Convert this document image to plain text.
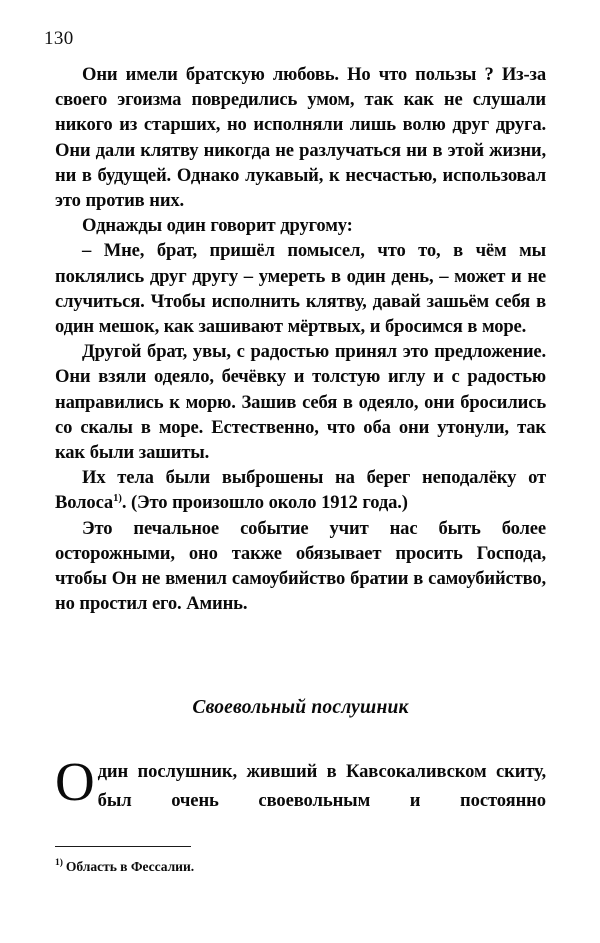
130

Они имели братскую любовь. Но что пользы ? Из-за своего эгоизма повредились умом, так как не слушали никого из старших, но исполняли лишь волю друг друга. Они дали клятву никогда не разлучаться ни в этой жизни, ни в будущей. Однако лукавый, к несчастью, использовал это против них.

Однажды один говорит другому:

– Мне, брат, пришёл помысел, что то, в чём мы поклялись друг другу – умереть в один день, – может и не случиться. Чтобы исполнить клятву, давай зашьём себя в один мешок, как зашивают мёртвых, и бросимся в море.

Другой брат, увы, с радостью принял это предложение. Они взяли одеяло, бечёвку и толстую иглу и с радостью направились к морю. Зашив себя в одеяло, они бросились со скалы в море. Естественно, что оба они утонули, так как были зашиты.

Их тела были выброшены на берег неподалёку от Волоса$^{1)}$. (Это произошло около 1912 года.)

Это печальное событие учит нас быть более осторожными, оно также обязывает просить Господа, чтобы Он не вменил самоубийство братии в самоубийство, но простил его. Аминь.

Своевольный послушник

Один послушник, живший в Кавсокаливском скиту, был очень своевольным и постоянно

$^{1)}$ Область в Фессалии.
